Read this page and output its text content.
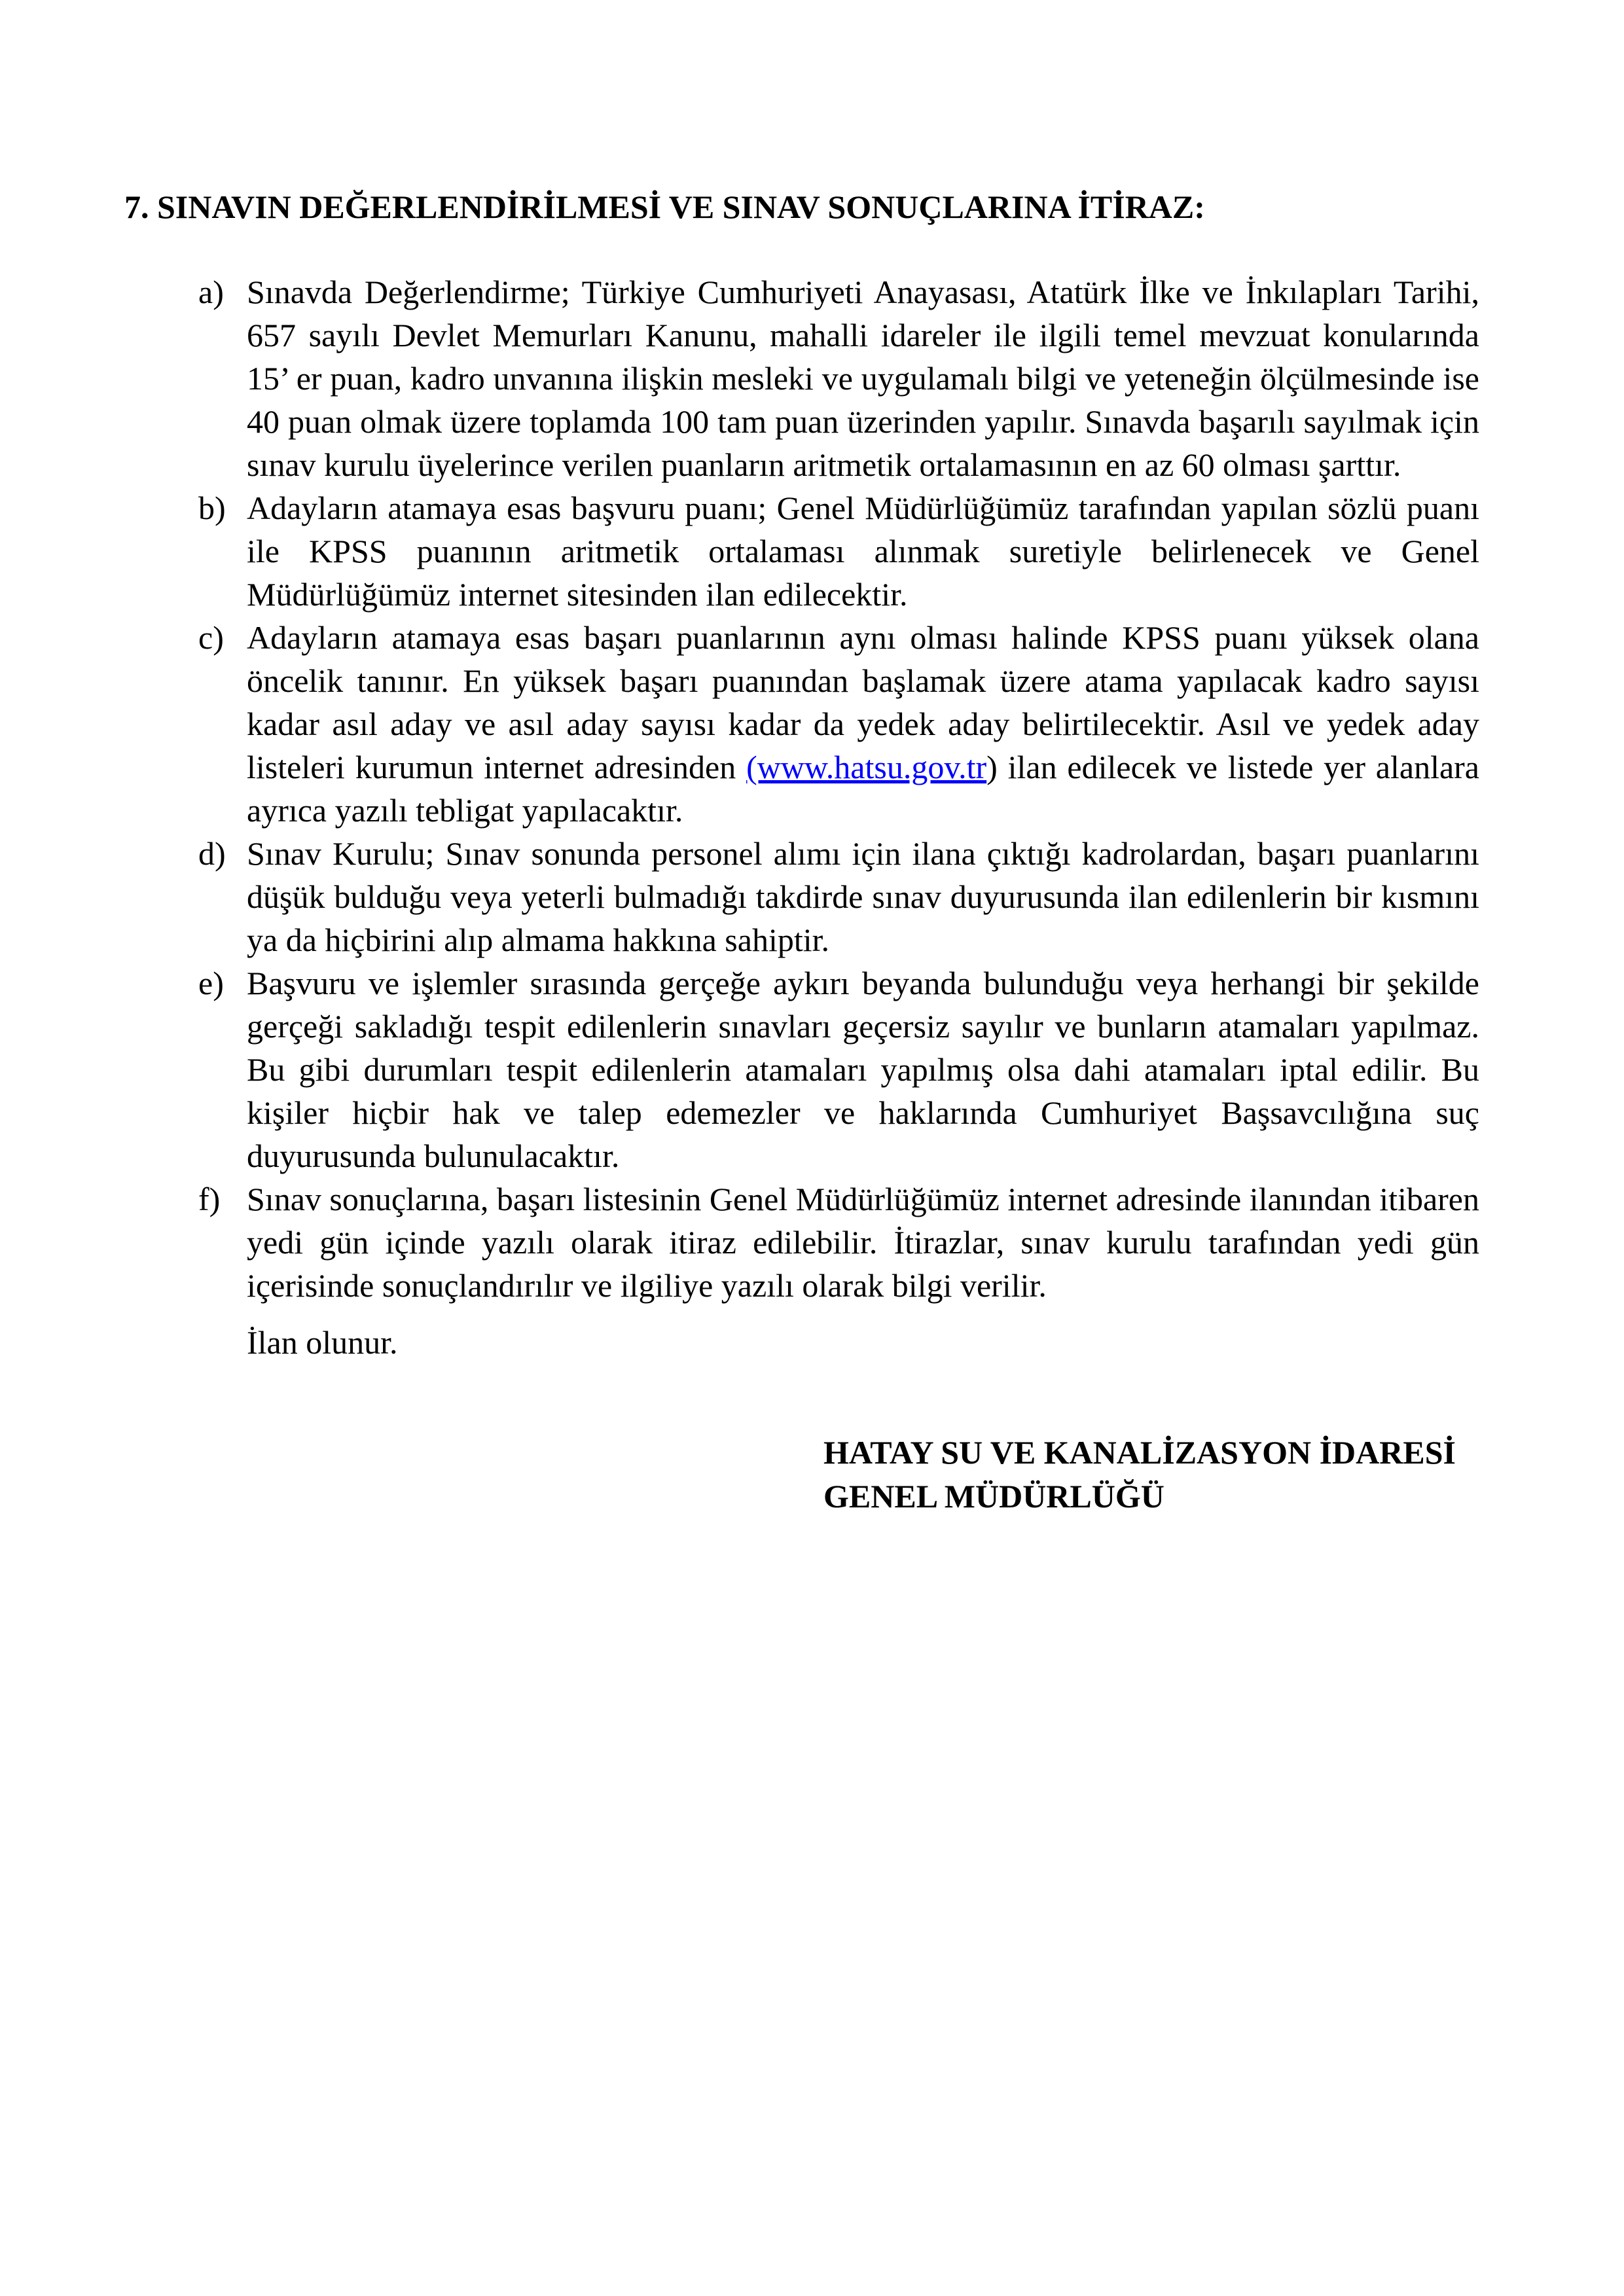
7. SINAVIN DEĞERLENDİRİLMESİ VE SINAV SONUÇLARINA İTİRAZ:
a) Sınavda Değerlendirme; Türkiye Cumhuriyeti Anayasası, Atatürk İlke ve İnkılapları Tarihi, 657 sayılı Devlet Memurları Kanunu, mahalli idareler ile ilgili temel mevzuat konularında 15’ er puan, kadro unvanına ilişkin mesleki ve uygulamalı bilgi ve yeteneğin ölçülmesinde ise 40 puan olmak üzere toplamda 100 tam puan üzerinden yapılır. Sınavda başarılı sayılmak için sınav kurulu üyelerince verilen puanların aritmetik ortalamasının en az 60 olması şarttır.
b) Adayların atamaya esas başvuru puanı; Genel Müdürlüğümüz tarafından yapılan sözlü puanı ile KPSS puanının aritmetik ortalaması alınmak suretiyle belirlenecek ve Genel Müdürlüğümüz internet sitesinden ilan edilecektir.
c) Adayların atamaya esas başarı puanlarının aynı olması halinde KPSS puanı yüksek olana öncelik tanınır. En yüksek başarı puanından başlamak üzere atama yapılacak kadro sayısı kadar asıl aday ve asıl aday sayısı kadar da yedek aday belirtilecektir. Asıl ve yedek aday listeleri kurumun internet adresinden (www.hatsu.gov.tr) ilan edilecek ve listede yer alanlara ayrıca yazılı tebligat yapılacaktır.
d) Sınav Kurulu; Sınav sonunda personel alımı için ilana çıktığı kadrolardan, başarı puanlarını düşük bulduğu veya yeterli bulmadığı takdirde sınav duyurusunda ilan edilenlerin bir kısmını ya da hiçbirini alıp almama hakkına sahiptir.
e) Başvuru ve işlemler sırasında gerçeğe aykırı beyanda bulunduğu veya herhangi bir şekilde gerçeği sakladığı tespit edilenlerin sınavları geçersiz sayılır ve bunların atamaları yapılmaz. Bu gibi durumları tespit edilenlerin atamaları yapılmış olsa dahi atamaları iptal edilir. Bu kişiler hiçbir hak ve talep edemezler ve haklarında Cumhuriyet Başsavcılığına suç duyurusunda bulunulacaktır.
f) Sınav sonuçlarına, başarı listesinin Genel Müdürlüğümüz internet adresinde ilanından itibaren yedi gün içinde yazılı olarak itiraz edilebilir. İtirazlar, sınav kurulu tarafından yedi gün içerisinde sonuçlandırılır ve ilgiliye yazılı olarak bilgi verilir.
İlan olunur.
HATAY SU VE KANALİZASYON İDARESİ
GENEL MÜDÜRLÜĞÜ
